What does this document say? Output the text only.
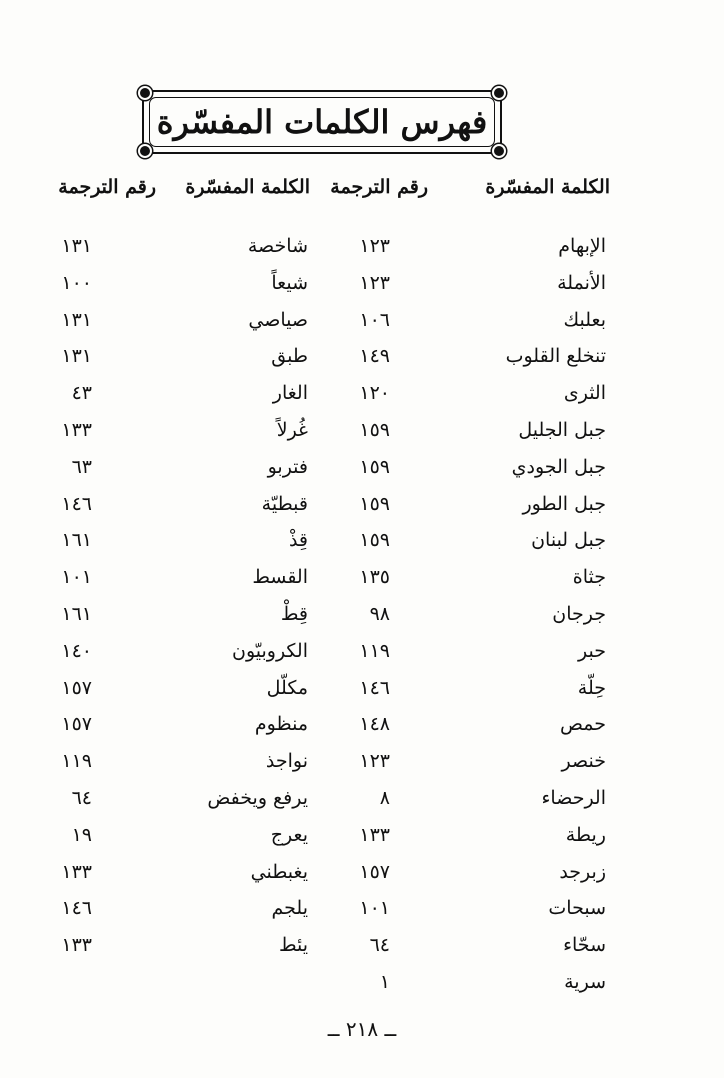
فهرس الكلمات المفسّرة
الكلمة المفسّرة
رقم الترجمة
الكلمة المفسّرة
رقم الترجمة
الإبهام
١٢٣
شاخصة
١٣١
الأنملة
١٢٣
شيعاً
١٠٠
بعلبك
١٠٦
صياصي
١٣١
تنخلع القلوب
١٤٩
طبق
١٣١
الثرى
١٢٠
الغار
٤٣
جبل الجليل
١٥٩
غُرلاً
١٣٣
جبل الجودي
١٥٩
فتربو
٦٣
جبل الطور
١٥٩
قبطيّة
١٤٦
جبل لبنان
١٥٩
قِذْ
١٦١
جثاة
١٣٥
القسط
١٠١
جرجان
٩٨
قِطْ
١٦١
حبر
١١٩
الكروبيّون
١٤٠
حِلّة
١٤٦
مكلّل
١٥٧
حمص
١٤٨
منظوم
١٥٧
خنصر
١٢٣
نواجذ
١١٩
الرحضاء
٨
يرفع ويخفض
٦٤
ريطة
١٣٣
يعرج
١٩
زبرجد
١٥٧
يغبطني
١٣٣
سبحات
١٠١
يلجم
١٤٦
سحّاء
٦٤
يئط
١٣٣
سرية
١
ــ ٢١٨ ــ
